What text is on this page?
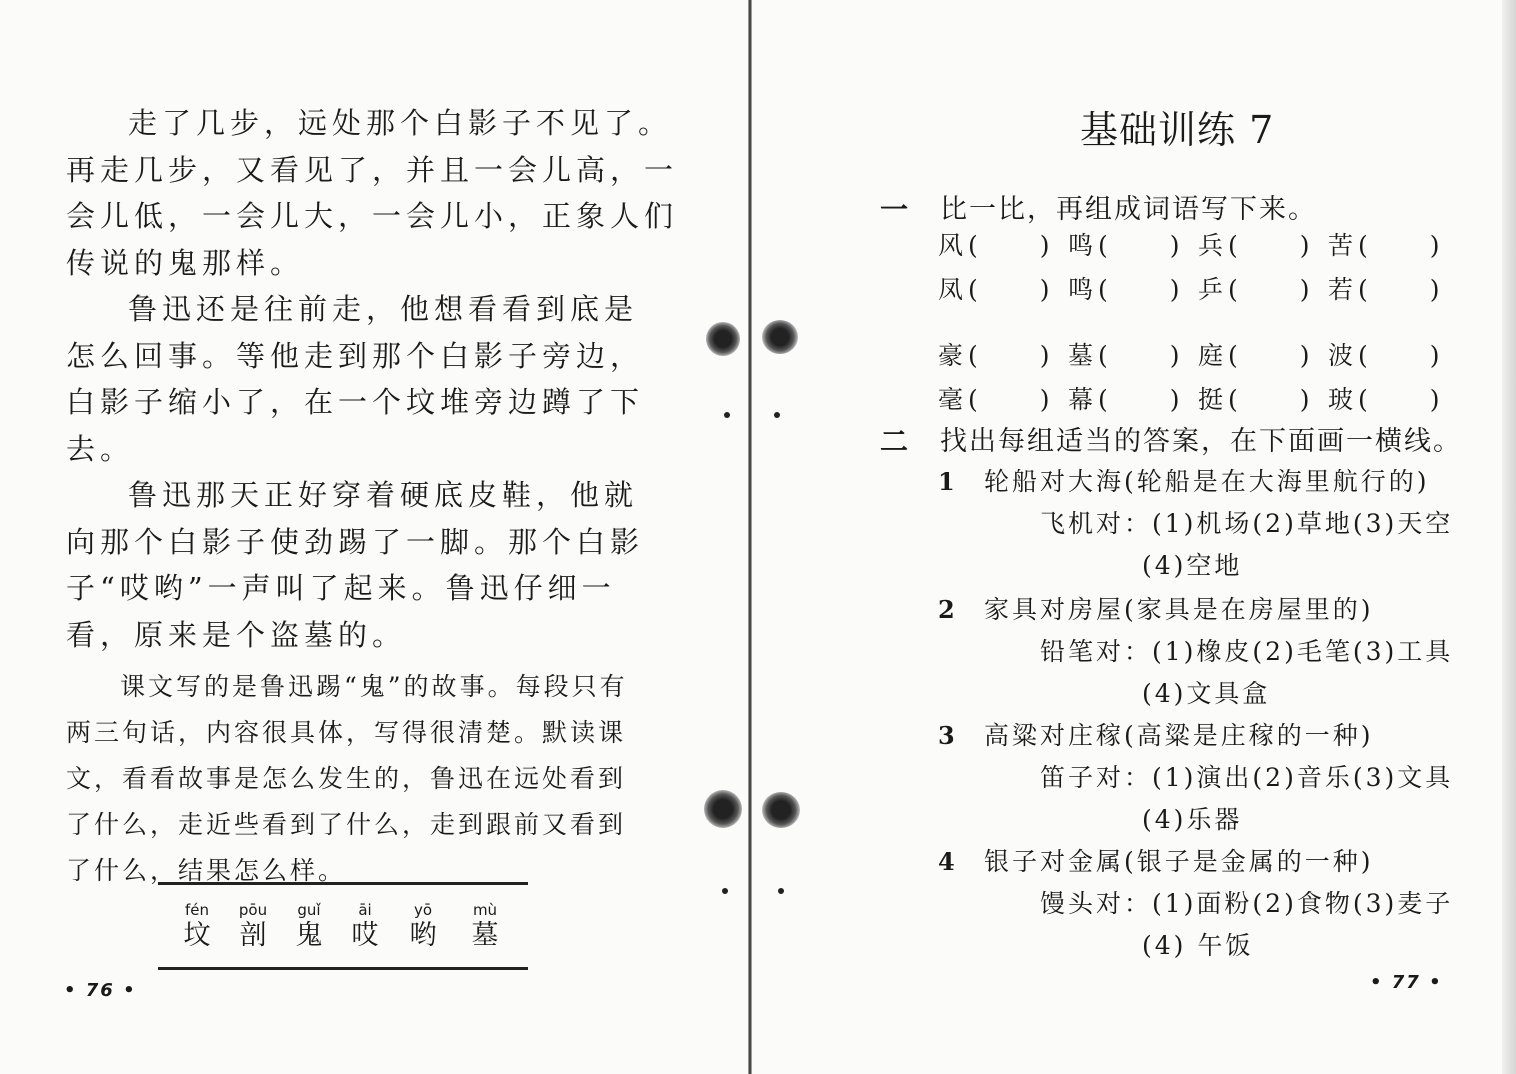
走了几步，远处那个白影子不见了。
再走几步，又看见了，并且一会儿高，一
会儿低，一会儿大，一会儿小，正象人们
传说的鬼那样。
鲁迅还是往前走，他想看看到底是
怎么回事。等他走到那个白影子旁边，
白影子缩小了，在一个坟堆旁边蹲了下
去。
鲁迅那天正好穿着硬底皮鞋，他就
向那个白影子使劲踢了一脚。那个白影
子“哎哟”一声叫了起来。鲁迅仔细一
看，原来是个盗墓的。
课文写的是鲁迅踢“鬼”的故事。每段只有
两三句话，内容很具体，写得很清楚。默读课
文，看看故事是怎么发生的，鲁迅在远处看到
了什么，走近些看到了什么，走到跟前又看到
了什么，结果怎么样。
fén
坟
pōu
剖
guǐ
鬼
āi
哎
yō
哟
mù
墓
• 76 •
基础训练 7
一 比一比，再组成词语写下来。
风 ( ) 鸣 ( ) 兵 ( ) 苦 ( )
凤 ( ) 鸣 ( ) 乒 ( ) 若 ( )
豪 ( ) 墓 ( ) 庭 ( ) 波 ( )
毫 ( ) 幕 ( ) 挺 ( ) 玻 ( )
二 找出每组适当的答案，在下面画一横线。
1 轮船对大海(轮船是在大海里航行的)
飞机对：(1)机场(2)草地(3)天空
(4)空地
2 家具对房屋(家具是在房屋里的)
铅笔对：(1)橡皮(2)毛笔(3)工具
(4)文具盒
3 高粱对庄稼(高粱是庄稼的一种)
笛子对：(1)演出(2)音乐(3)文具
(4)乐器
4 银子对金属(银子是金属的一种)
馒头对：(1)面粉(2)食物(3)麦子
(4) 午饭
• 77 •
